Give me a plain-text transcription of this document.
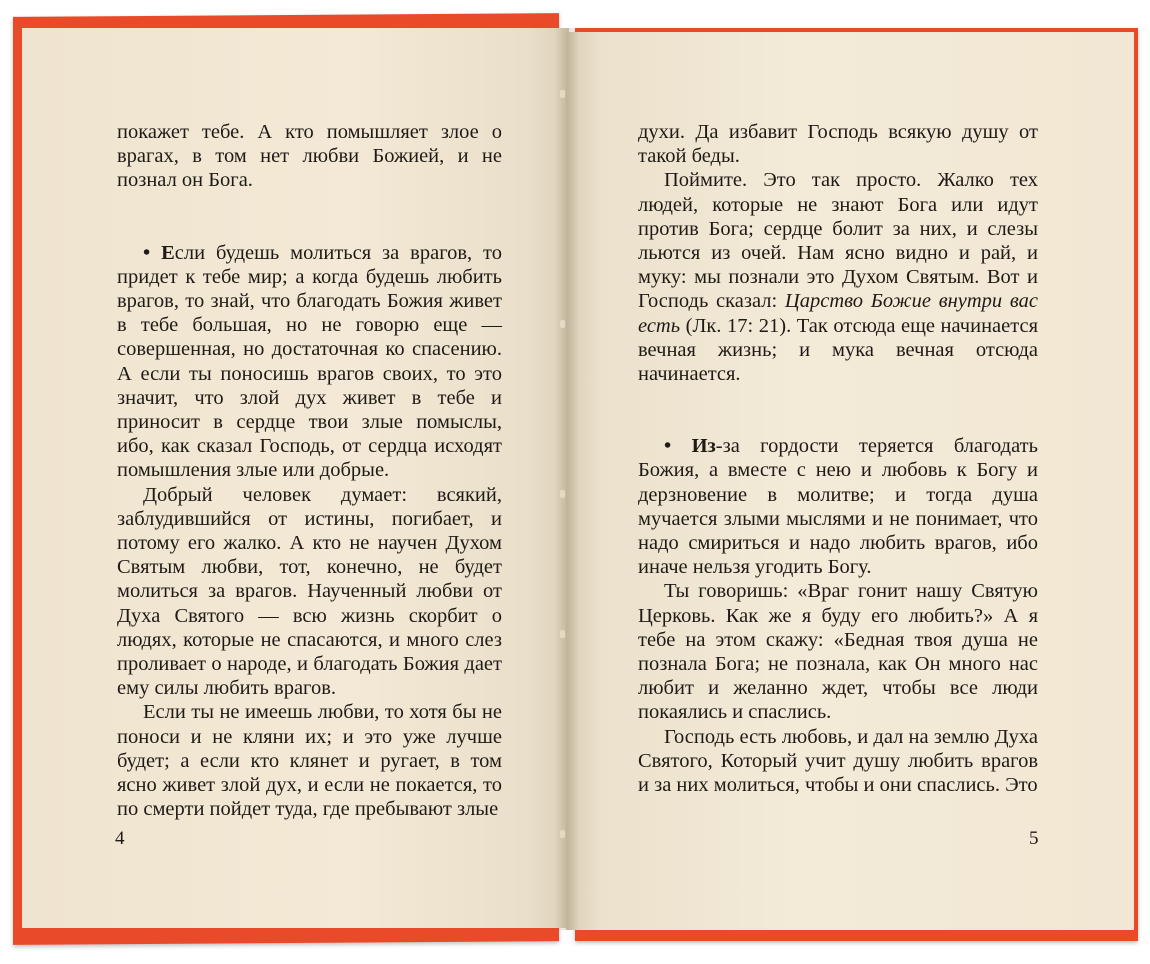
покажет тебе. А кто помышляет злое о врагах, в том нет любви Божией, и не познал он Бога.

• Если будешь молиться за врагов, то придет к тебе мир; а когда будешь любить врагов, то знай, что благодать Божия живет в тебе большая, но не говорю еще — совершенная, но достаточная ко спасению. А если ты поносишь врагов своих, то это значит, что злой дух живет в тебе и приносит в сердце твои злые помыслы, ибо, как сказал Господь, от сердца исходят помышления злые или добрые.

Добрый человек думает: всякий, заблудившийся от истины, погибает, и потому его жалко. А кто не научен Духом Святым любви, тот, конечно, не будет молиться за врагов. Наученный любви от Духа Святого — всю жизнь скорбит о людях, которые не спасаются, и много слез проливает о народе, и благодать Божия дает ему силы любить врагов.

Если ты не имеешь любви, то хотя бы не поноси и не кляни их; и это уже лучше будет; а если кто клянет и ругает, в том ясно живет злой дух, и если не покается, то по смерти пойдет туда, где пребывают злые

4

духи. Да избавит Господь всякую душу от такой беды.

Поймите. Это так просто. Жалко тех людей, которые не знают Бога или идут против Бога; сердце болит за них, и слезы льются из очей. Нам ясно видно и рай, и муку: мы познали это Духом Святым. Вот и Господь сказал: Царство Божие внутри вас есть (Лк. 17: 21). Так отсюда еще начинается вечная жизнь; и мука вечная отсюда начинается.

• Из-за гордости теряется благодать Божия, а вместе с нею и любовь к Богу и дерзновение в молитве; и тогда душа мучается злыми мыслями и не понимает, что надо смириться и надо любить врагов, ибо иначе нельзя угодить Богу.

Ты говоришь: «Враг гонит нашу Святую Церковь. Как же я буду его любить?» А я тебе на этом скажу: «Бедная твоя душа не познала Бога; не познала, как Он много нас любит и желанно ждет, чтобы все люди покаялись и спаслись.

Господь есть любовь, и дал на землю Духа Святого, Который учит душу любить врагов и за них молиться, чтобы и они спаслись. Это

5
